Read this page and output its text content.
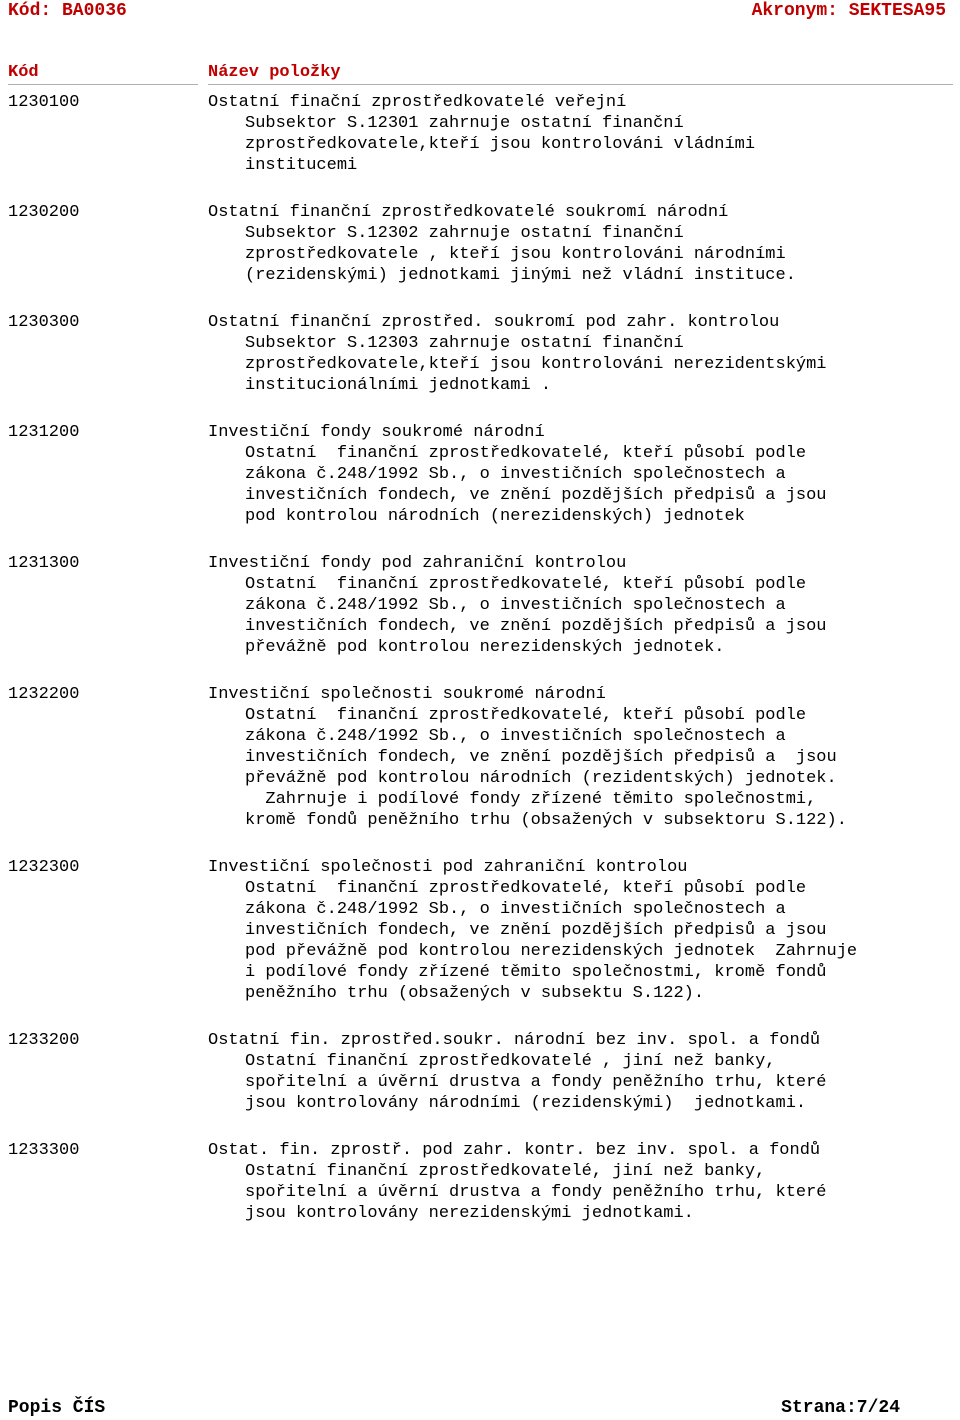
Kód: BA0036	Akronym: SEKTESA95
Kód	Název položky
1230100	Ostatní finační zprostředkovatelé veřejní
Subsektor S.12301 zahrnuje ostatní finanční
zprostředkovatele,kteří jsou kontrolováni vládními
institucemi
1230200	Ostatní finanční zprostředkovatelé soukromí národní
Subsektor S.12302 zahrnuje ostatní finanční
zprostředkovatele , kteří jsou kontrolováni národními
(rezidenskými) jednotkami jinými než vládní instituce.
1230300	Ostatní finanční zprostřed. soukromí pod zahr. kontrolou
Subsektor S.12303 zahrnuje ostatní finanční
zprostředkovatele,kteří jsou kontrolováni nerezidentskými
institucionálními jednotkami .
1231200	Investiční fondy soukromé národní
Ostatní  finanční zprostředkovatelé, kteří působí podle
zákona č.248/1992 Sb., o investičních společnostech a
investičních fondech, ve znění pozdějších předpisů a jsou
pod kontrolou národních (nerezidenských) jednotek
1231300	Investiční fondy pod zahraniční kontrolou
Ostatní  finanční zprostředkovatelé, kteří působí podle
zákona č.248/1992 Sb., o investičních společnostech a
investičních fondech, ve znění pozdějších předpisů a jsou
převážně pod kontrolou nerezidenských jednotek.
1232200	Investiční společnosti soukromé národní
Ostatní  finanční zprostředkovatelé, kteří působí podle
zákona č.248/1992 Sb., o investičních společnostech a
investičních fondech, ve znění pozdějších předpisů a  jsou
převážně pod kontrolou národních (rezidentských) jednotek.
Zahrnuje i podílové fondy zřízené těmito společnostmi,
kromě fondů peněžního trhu (obsažených v subsektoru S.122).
1232300	Investiční společnosti pod zahraniční kontrolou
Ostatní  finanční zprostředkovatelé, kteří působí podle
zákona č.248/1992 Sb., o investičních společnostech a
investičních fondech, ve znění pozdějších předpisů a jsou
pod převážně pod kontrolou nerezidenských jednotek  Zahrnuje
i podílové fondy zřízené těmito společnostmi, kromě fondů
peněžního trhu (obsažených v subsektu S.122).
1233200	Ostatní fin. zprostřed.soukr. národní bez inv. spol. a fondů
Ostatní finanční zprostředkovatelé , jiní než banky,
spořitelní a úvěrní drustva a fondy peněžního trhu, které
jsou kontrolovány národními (rezidenskými)  jednotkami.
1233300	Ostat. fin. zprostř. pod zahr. kontr. bez inv. spol. a fondů
Ostatní finanční zprostředkovatelé, jiní než banky,
spořitelní a úvěrní drustva a fondy peněžního trhu, které
jsou kontrolovány nerezidenskými jednotkami.
Popis ČÍS	Strana:7/24
